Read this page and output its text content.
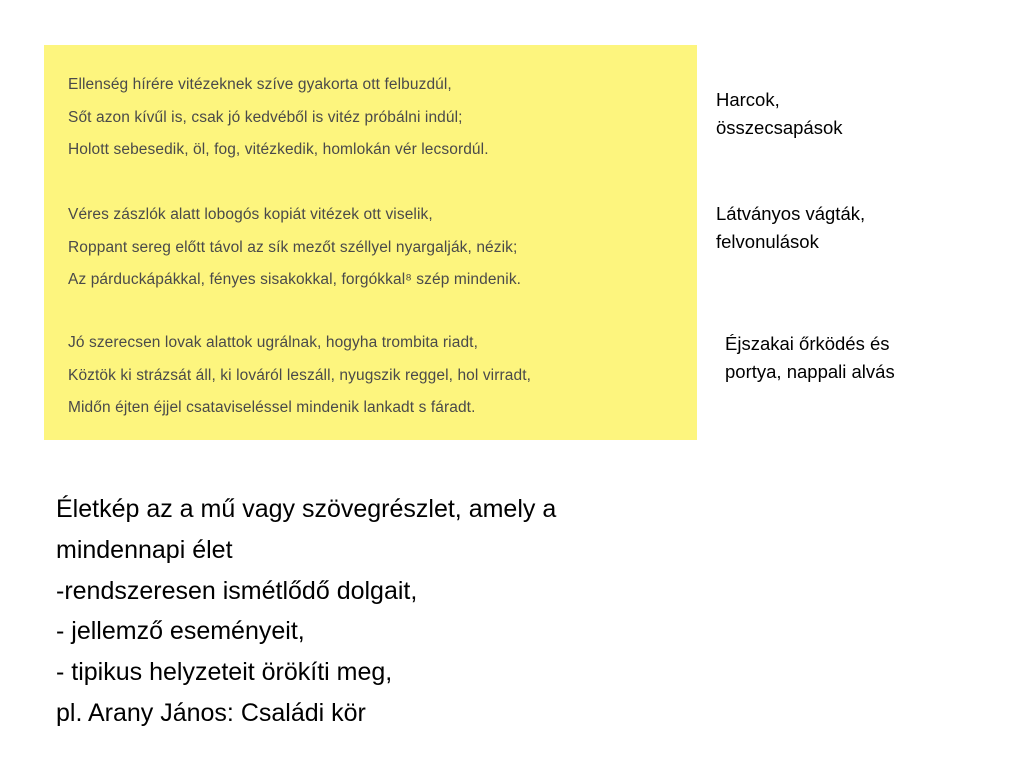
Ellenség hírére vitézeknek szíve gyakorta ott felbuzdúl,
Sőt azon kívűl is, csak jó kedvéből is vitéz próbálni indúl;
Holott sebesedik, öl, fog, vitézkedik, homlokán vér lecsordúl.
Véres zászlók alatt lobogós kopiát vitézek ott viselik,
Roppant sereg előtt távol az sík mezőt széllyel nyargalják, nézik;
Az párduckápákkal, fényes sisakokkal, forgókkal⁸ szép mindenik.
Jó szerecsen lovak alattok ugrálnak, hogyha trombita riadt,
Köztök ki strázsát áll, ki lováról leszáll, nyugszik reggel, hol virradt,
Midőn éjten éjjel csataviseléssel mindenik lankadt s fáradt.
Harcok,
összecsapások
Látványos vágták,
felvonulások
Éjszakai őrködés és
portya, nappali alvás
Életkép az a mű vagy szövegrészlet, amely a
mindennapi élet
-rendszeresen ismétlődő dolgait,
- jellemző eseményeit,
- tipikus helyzeteit örökíti meg,
pl. Arany János: Családi kör
